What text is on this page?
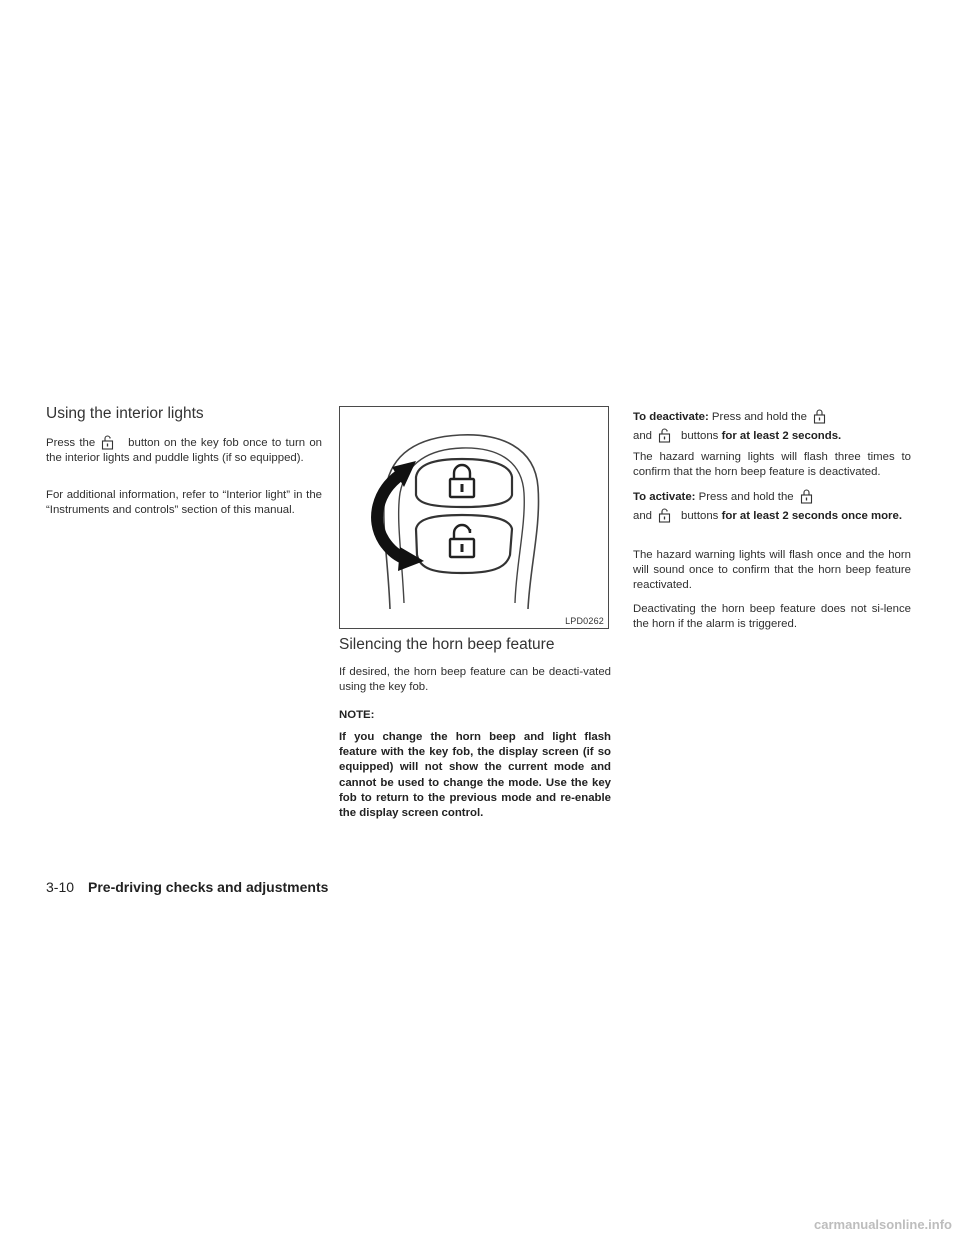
Using the interior lights

Press the	button on the key fob once to turn on the interior lights and puddle lights (if so equipped).

For additional information, refer to “Interior light” in the “Instruments and controls” section of this manual.

LPD0262
Silencing the horn beep feature

If desired, the horn beep feature can be deacti-vated using the key fob.

NOTE:

If you change the horn beep and light flash feature with the key fob, the display screen (if so equipped) will not show the current mode and cannot be used to change the mode. Use the key fob to return to the previous mode and re-enable the display screen control.

To deactivate: Press and hold the
and	buttons for at least 2 seconds.

The hazard warning lights will flash three times to confirm that the horn beep feature is deactivated.

To activate: Press and hold the
and	buttons for at least 2 seconds once more.

The hazard warning lights will flash once and the horn will sound once to confirm that the horn beep feature reactivated.

Deactivating the horn beep feature does not si-lence the horn if the alarm is triggered.

3-10 Pre-driving checks and adjustments
carmanualsonline.info
